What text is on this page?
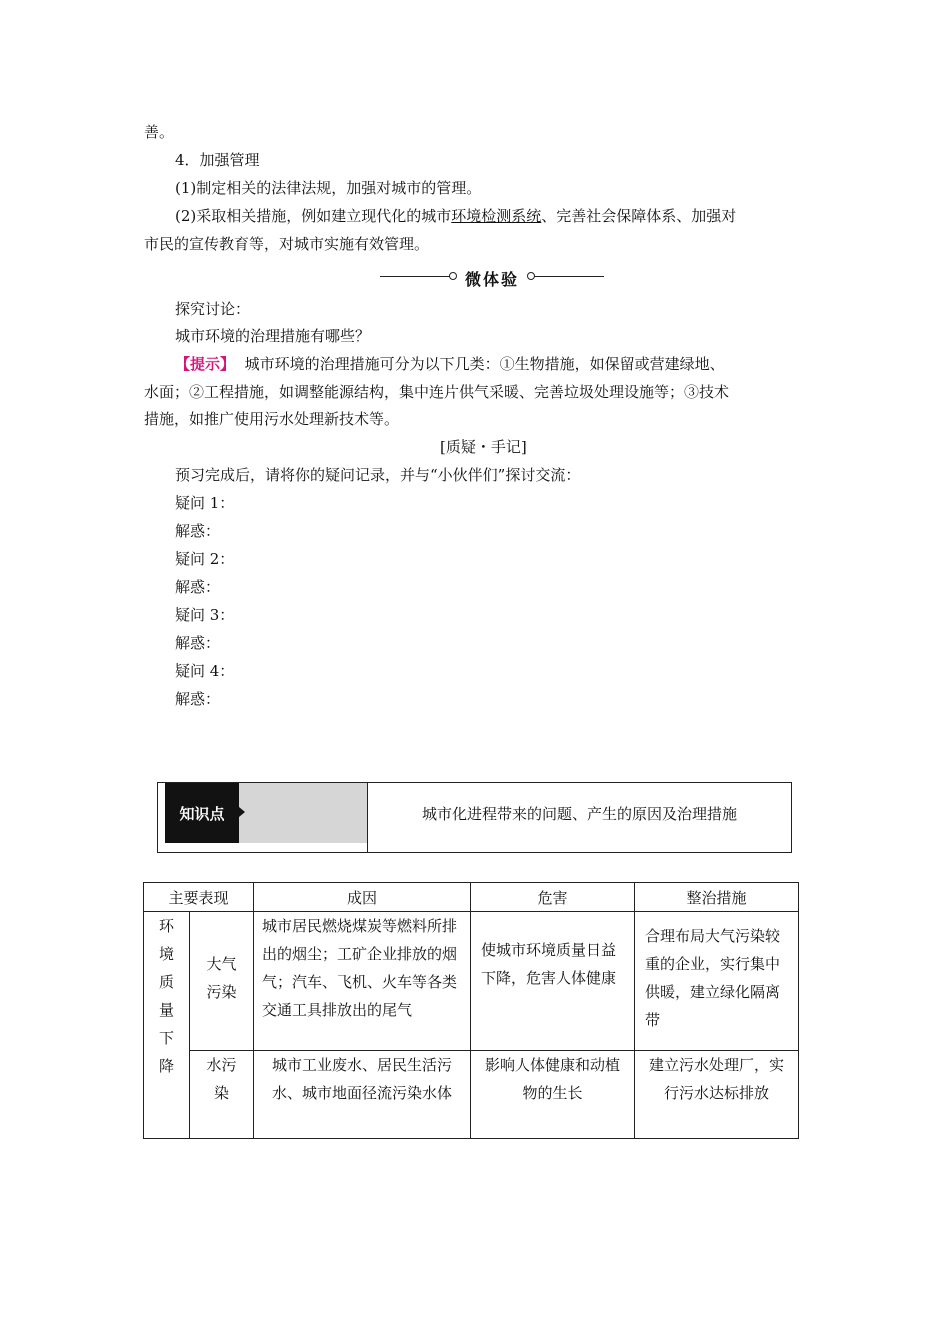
善。
4．加强管理
(1)制定相关的法律法规，加强对城市的管理。
(2)采取相关措施，例如建立现代化的城市环境检测系统、完善社会保障体系、加强对
市民的宣传教育等，对城市实施有效管理。
微体验
探究讨论：
城市环境的治理措施有哪些？
【提示】 城市环境的治理措施可分为以下几类：①生物措施，如保留或营建绿地、
水面；②工程措施，如调整能源结构，集中连片供气采暖、完善垃圾处理设施等；③技术
措施，如推广使用污水处理新技术等。
[质疑・手记]
预习完成后，请将你的疑问记录，并与“小伙伴们”探讨交流：
疑问 1：
解惑：
疑问 2：
解惑：
疑问 3：
解惑：
疑问 4：
解惑：
知识点	城市化进程带来的问题、产生的原因及治理措施
主要表现		成因	危害	整治措施

环境质量下降	大气污染	城市居民燃烧煤炭等燃料所排出的烟尘；工矿企业排放的烟气；汽车、飞机、火车等各类交通工具排放出的尾气	使城市环境质量日益下降，危害人体健康	合理布局大气污染较重的企业，实行集中供暖，建立绿化隔离带

	水污染	城市工业废水、居民生活污水、城市地面径流污染水体	影响人体健康和动植物的生长	建立污水处理厂，实行污水达标排放
